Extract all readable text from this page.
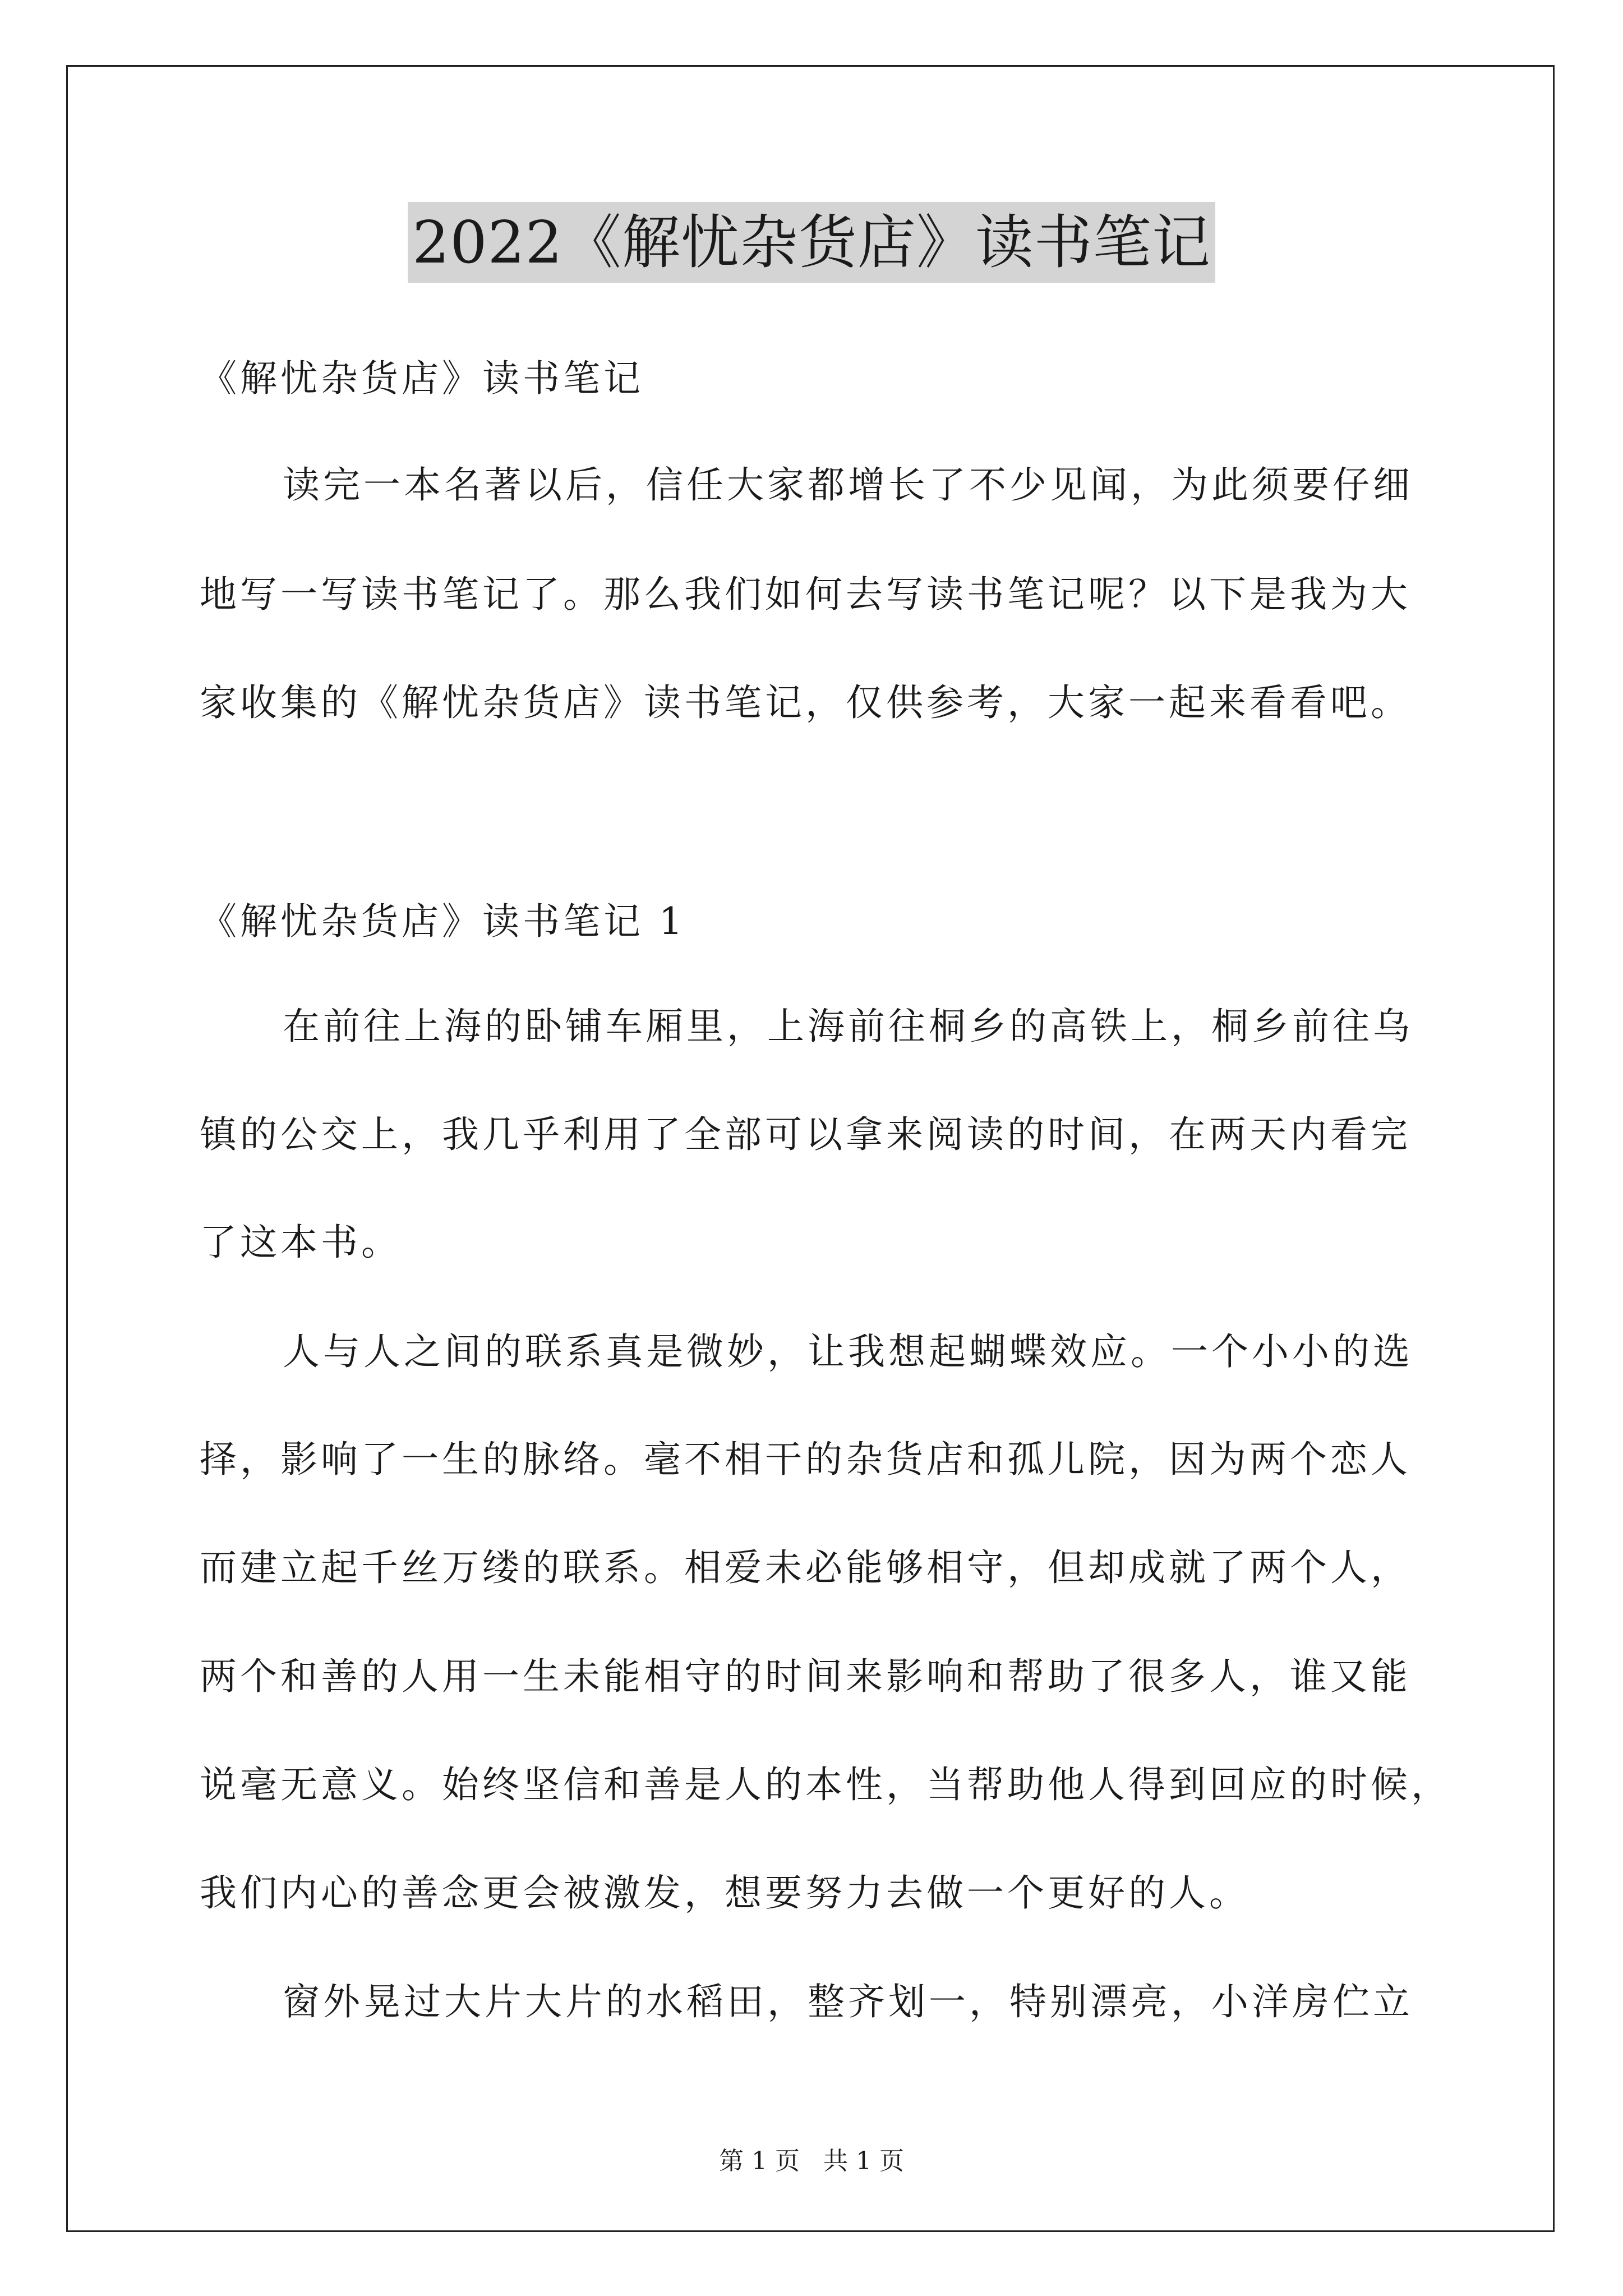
2022《解忧杂货店》读书笔记
《解忧杂货店》读书笔记
读完一本名著以后，信任大家都增长了不少见闻，为此须要仔细
地写一写读书笔记了。那么我们如何去写读书笔记呢？以下是我为大
家收集的《解忧杂货店》读书笔记，仅供参考，大家一起来看看吧。
《解忧杂货店》读书笔记 1
在前往上海的卧铺车厢里，上海前往桐乡的高铁上，桐乡前往乌
镇的公交上，我几乎利用了全部可以拿来阅读的时间，在两天内看完
了这本书。
人与人之间的联系真是微妙，让我想起蝴蝶效应。一个小小的选
择，影响了一生的脉络。毫不相干的杂货店和孤儿院，因为两个恋人
而建立起千丝万缕的联系。相爱未必能够相守，但却成就了两个人，
两个和善的人用一生未能相守的时间来影响和帮助了很多人，谁又能
说毫无意义。始终坚信和善是人的本性，当帮助他人得到回应的时候，
我们内心的善念更会被激发，想要努力去做一个更好的人。
窗外晃过大片大片的水稻田，整齐划一，特别漂亮，小洋房伫立
第 1 页   共 1 页
